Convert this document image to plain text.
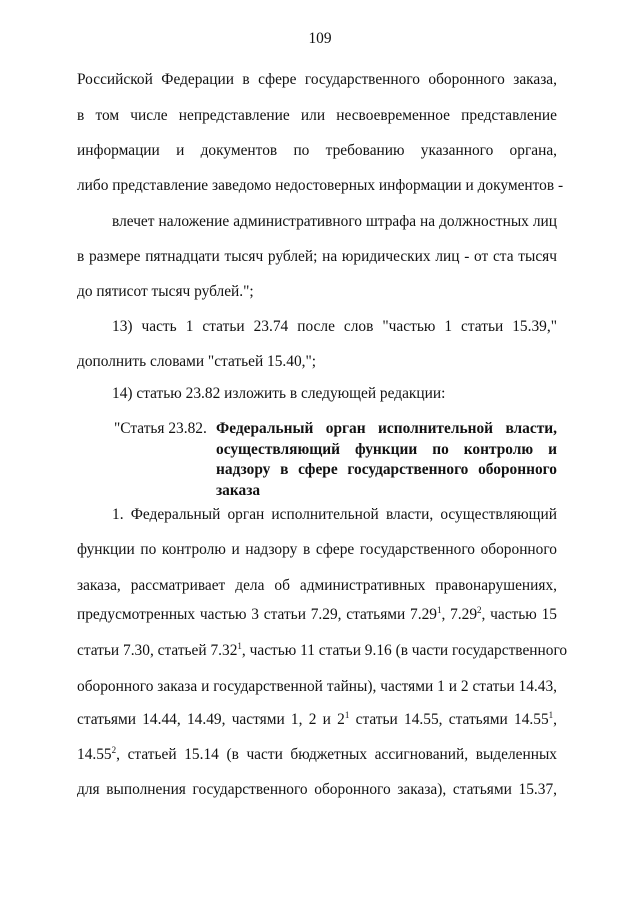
109
Российской Федерации в сфере государственного оборонного заказа,
в том числе непредставление или несвоевременное представление
информации и документов по требованию указанного органа,
либо представление заведомо недостоверных информации и документов -
влечет наложение административного штрафа на должностных лиц
в размере пятнадцати тысяч рублей; на юридических лиц - от ста тысяч
до пятисот тысяч рублей.";
13) часть 1 статьи 23.74 после слов "частью 1 статьи 15.39,"
дополнить словами "статьей 15.40,";
14) статью 23.82 изложить в следующей редакции:
"Статья 23.82. Федеральный орган исполнительной власти,
осуществляющий функции по контролю и
надзору в сфере государственного оборонного
заказа
1. Федеральный орган исполнительной власти, осуществляющий
функции по контролю и надзору в сфере государственного оборонного
заказа, рассматривает дела об административных правонарушениях,
предусмотренных частью 3 статьи 7.29, статьями 7.29$^1$, 7.29$^2$, частью 15
статьи 7.30, статьей 7.32$^1$, частью 11 статьи 9.16 (в части государственного
оборонного заказа и государственной тайны), частями 1 и 2 статьи 14.43,
статьями 14.44, 14.49, частями 1, 2 и $2^1$ статьи 14.55, статьями 14.55$^1$,
14.55$^2$, статьей 15.14 (в части бюджетных ассигнований, выделенных
для выполнения государственного оборонного заказа), статьями 15.37,
